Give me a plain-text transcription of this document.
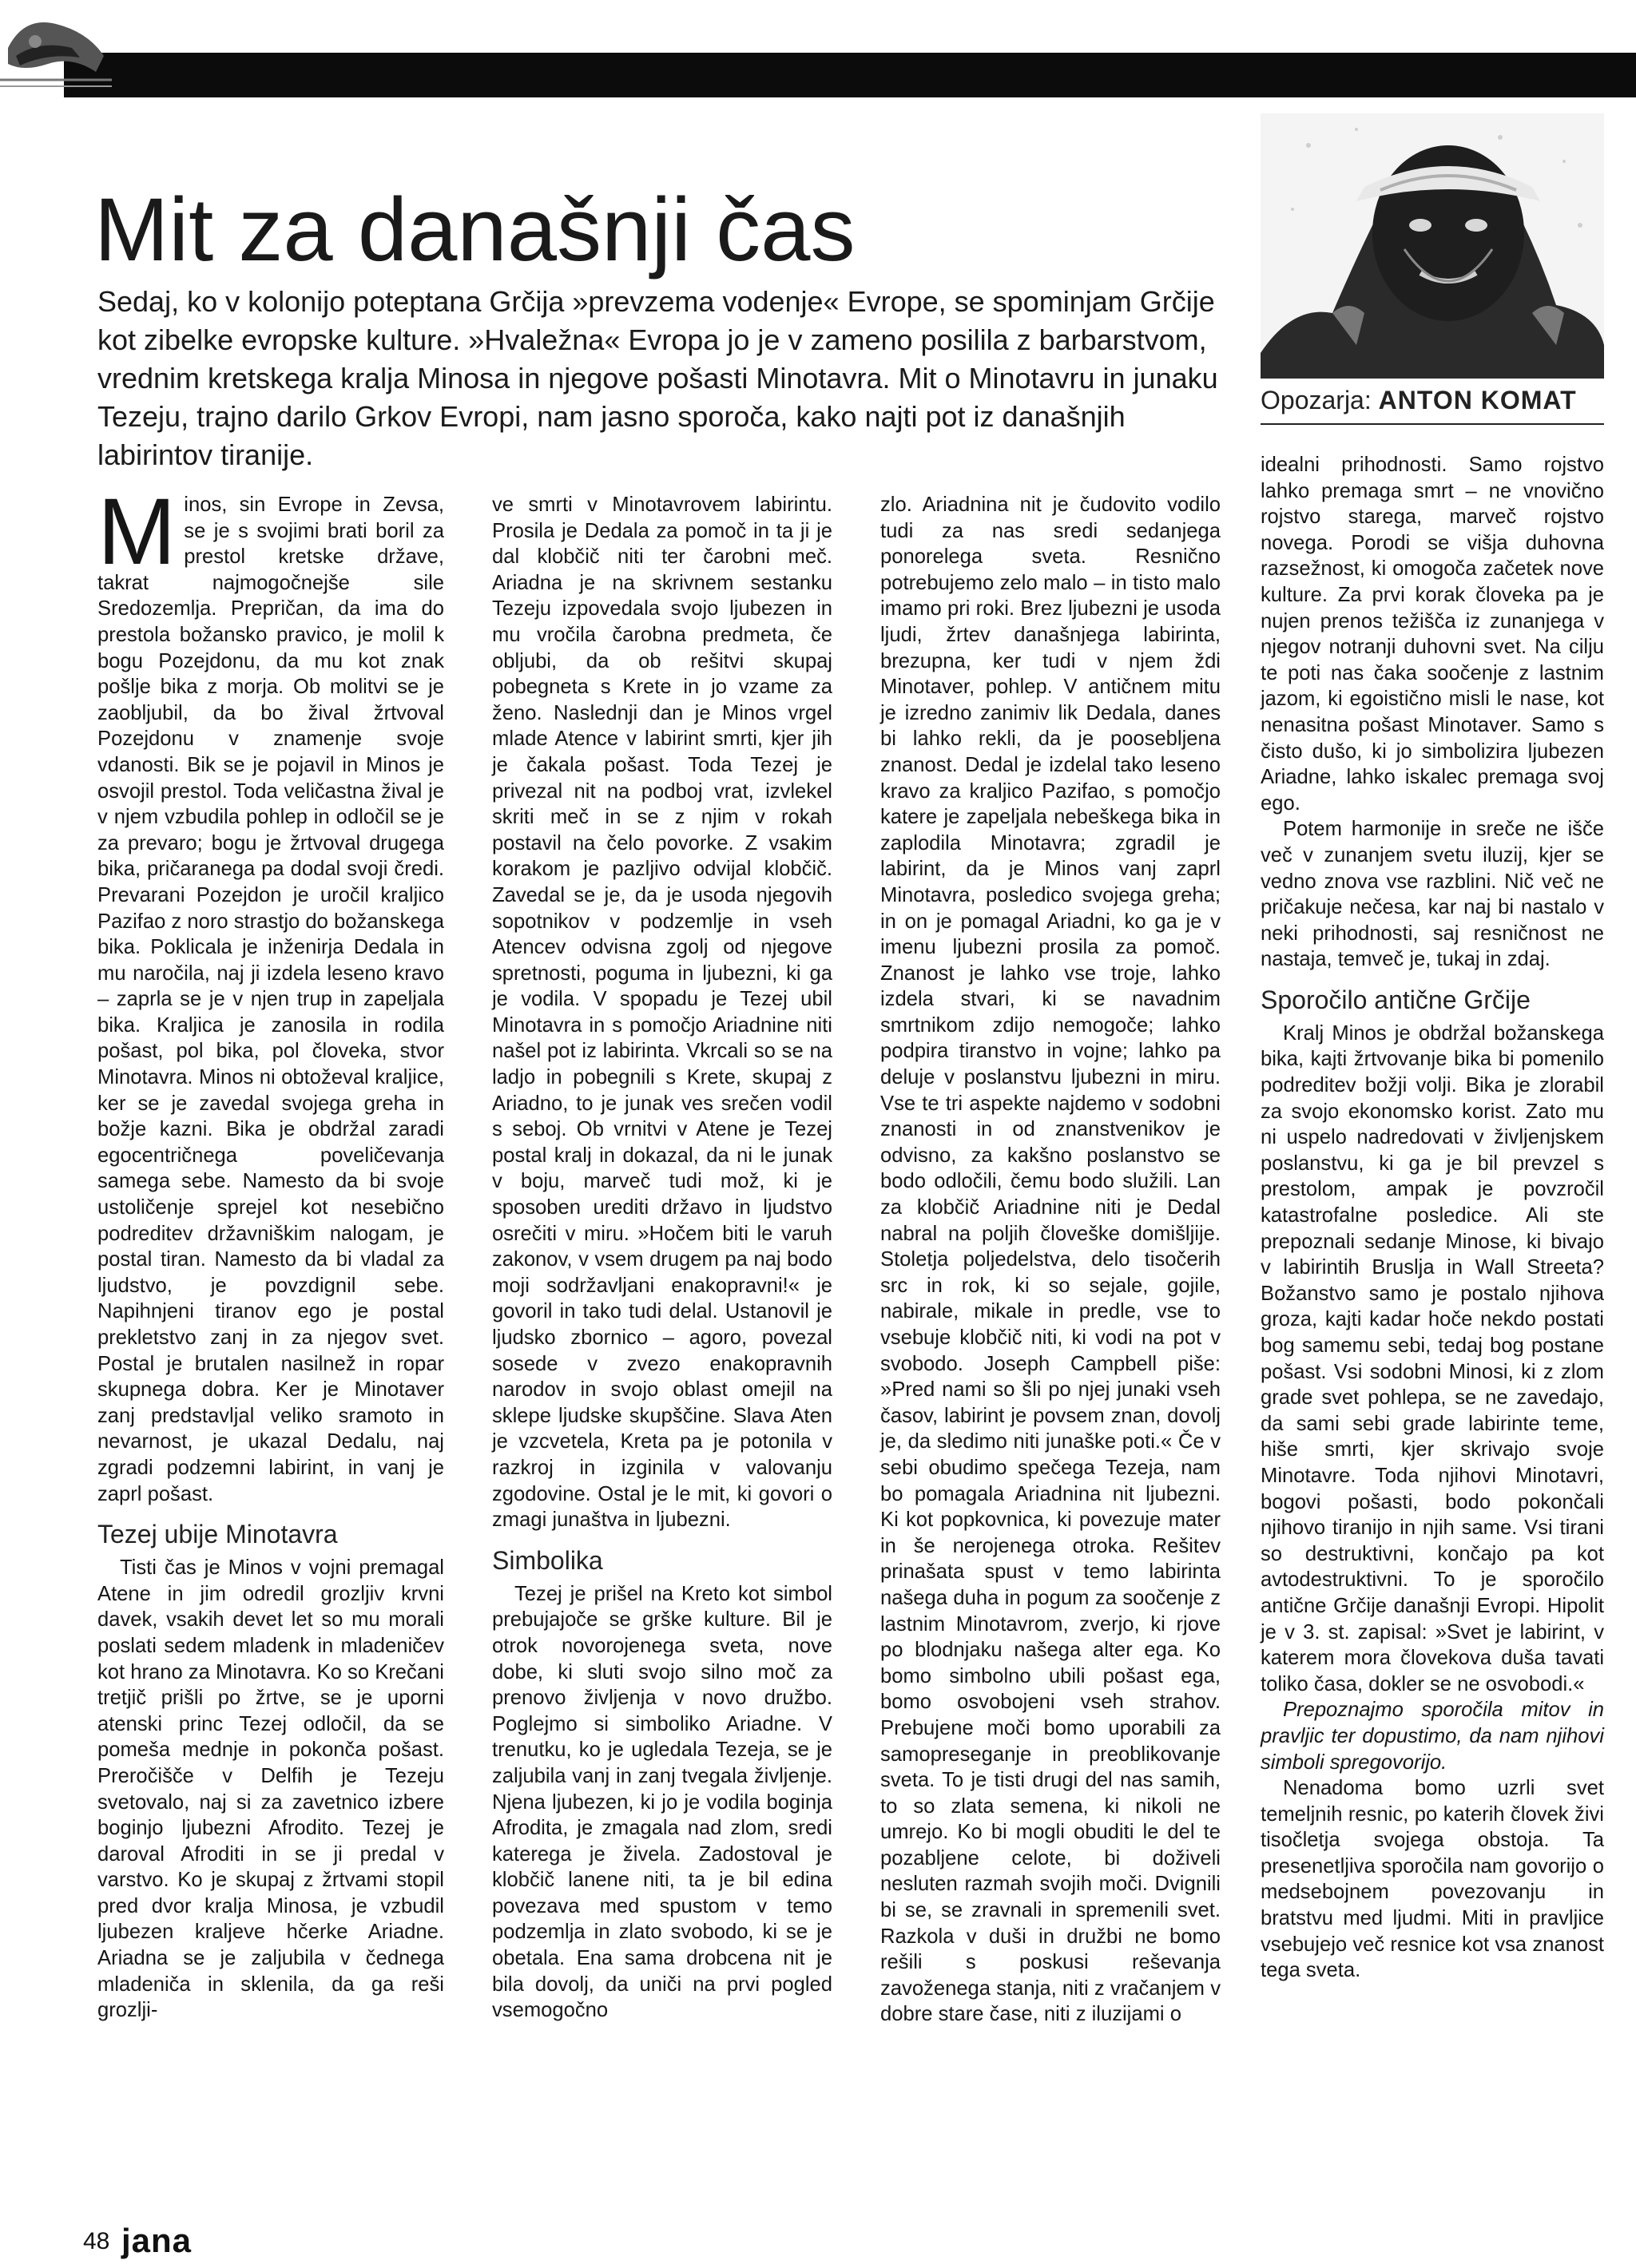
UMETNOST PREŽIVETJA
Mit za današnji čas

Sedaj, ko v kolonijo poteptana Grčija »prevzema vodenje« Evrope, se spominjam Grčije kot zibelke evropske kulture. »Hvaležna« Evropa jo je v zameno posilila z barbarstvom, vrednim kretskega kralja Minosa in njegove pošasti Minotavra. Mit o Minotavru in junaku Tezeju, trajno darilo Grkov Evropi, nam jasno sporoča, kako najti pot iz današnjih labirintov tiranije.

Opozarja: ANTON KOMAT

Minos, sin Evrope in Zevsa, se je s svojimi brati boril za prestol kretske države, takrat najmogočnejše sile Sredozemlja. Prepričan, da ima do prestola božansko pravico, je molil k bogu Pozejdonu, da mu kot znak pošlje bika z morja. Ob molitvi se je zaobljubil, da bo žival žrtvoval Pozejdonu v znamenje svoje vdanosti. Bik se je pojavil in Minos je osvojil prestol. Toda veličastna žival je v njem vzbudila pohlep in odločil se je za prevaro; bogu je žrtvoval drugega bika, pričaranega pa dodal svoji čredi. Prevarani Pozejdon je uročil kraljico Pazifao z noro strastjo do božanskega bika. Poklicala je inženirja Dedala in mu naročila, naj ji izdela leseno kravo – zaprla se je v njen trup in zapeljala bika. Kraljica je zanosila in rodila pošast, pol bika, pol človeka, stvor Minotavra. Minos ni obtoževal kraljice, ker se je zavedal svojega greha in božje kazni. Bika je obdržal zaradi egocentričnega poveličevanja samega sebe. Namesto da bi svoje ustoličenje sprejel kot nesebično podreditev državniškim nalogam, je postal tiran. Namesto da bi vladal za ljudstvo, je povzdignil sebe. Napihnjeni tiranov ego je postal prekletstvo zanj in za njegov svet. Postal je brutalen nasilnež in ropar skupnega dobra. Ker je Minotaver zanj predstavljal veliko sramoto in nevarnost, je ukazal Dedalu, naj zgradi podzemni labirint, in vanj je zaprl pošast.

Tezej ubije Minotavra

Tisti čas je Minos v vojni premagal Atene in jim odredil grozljiv krvni davek, vsakih devet let so mu morali poslati sedem mladenk in mladeničev kot hrano za Minotavra. Ko so Krečani tretjič prišli po žrtve, se je uporni atenski princ Tezej odločil, da se pomeša mednje in pokonča pošast. Preročišče v Delfih je Tezeju svetovalo, naj si za zavetnico izbere boginjo ljubezni Afrodito. Tezej je daroval Afroditi in se ji predal v varstvo. Ko je skupaj z žrtvami stopil pred dvor kralja Minosa, je vzbudil ljubezen kraljeve hčerke Ariadne. Ariadna se je zaljubila v čednega mladeniča in sklenila, da ga reši grozlji-

ve smrti v Minotavrovem labirintu. Prosila je Dedala za pomoč in ta ji je dal klobčič niti ter čarobni meč. Ariadna je na skrivnem sestanku Tezeju izpovedala svojo ljubezen in mu vročila čarobna predmeta, če obljubi, da ob rešitvi skupaj pobegneta s Krete in jo vzame za ženo. Naslednji dan je Minos vrgel mlade Atence v labirint smrti, kjer jih je čakala pošast. Toda Tezej je privezal nit na podboj vrat, izvlekel skriti meč in se z njim v rokah postavil na čelo povorke. Z vsakim korakom je pazljivo odvijal klobčič. Zavedal se je, da je usoda njegovih sopotnikov v podzemlje in vseh Atencev odvisna zgolj od njegove spretnosti, poguma in ljubezni, ki ga je vodila. V spopadu je Tezej ubil Minotavra in s pomočjo Ariadnine niti našel pot iz labirinta. Vkrcali so se na ladjo in pobegnili s Krete, skupaj z Ariadno, to je junak ves srečen vodil s seboj. Ob vrnitvi v Atene je Tezej postal kralj in dokazal, da ni le junak v boju, marveč tudi mož, ki je sposoben urediti državo in ljudstvo osrečiti v miru. »Hočem biti le varuh zakonov, v vsem drugem pa naj bodo moji sodržavljani enakopravni!« je govoril in tako tudi delal. Ustanovil je ljudsko zbornico – agoro, povezal sosede v zvezo enakopravnih narodov in svojo oblast omejil na sklepe ljudske skupščine. Slava Aten je vzcvetela, Kreta pa je potonila v razkroj in izginila v valovanju zgodovine. Ostal je le mit, ki govori o zmagi junaštva in ljubezni.

Simbolika

Tezej je prišel na Kreto kot simbol prebujajoče se grške kulture. Bil je otrok novorojenega sveta, nove dobe, ki sluti svojo silno moč za prenovo življenja v novo družbo. Poglejmo si simboliko Ariadne. V trenutku, ko je ugledala Tezeja, se je zaljubila vanj in zanj tvegala življenje. Njena ljubezen, ki jo je vodila boginja Afrodita, je zmagala nad zlom, sredi katerega je živela. Zadostoval je klobčič lanene niti, ta je bil edina povezava med spustom v temo podzemlja in zlato svobodo, ki se je obetala. Ena sama drobcena nit je bila dovolj, da uniči na prvi pogled vsemogočno

zlo. Ariadnina nit je čudovito vodilo tudi za nas sredi sedanjega ponorelega sveta. Resnično potrebujemo zelo malo – in tisto malo imamo pri roki. Brez ljubezni je usoda ljudi, žrtev današnjega labirinta, brezupna, ker tudi v njem ždi Minotaver, pohlep. V antičnem mitu je izredno zanimiv lik Dedala, danes bi lahko rekli, da je poosebljena znanost. Dedal je izdelal tako leseno kravo za kraljico Pazifao, s pomočjo katere je zapeljala nebeškega bika in zaplodila Minotavra; zgradil je labirint, da je Minos vanj zaprl Minotavra, posledico svojega greha; in on je pomagal Ariadni, ko ga je v imenu ljubezni prosila za pomoč. Znanost je lahko vse troje, lahko izdela stvari, ki se navadnim smrtnikom zdijo nemogoče; lahko podpira tiranstvo in vojne; lahko pa deluje v poslanstvu ljubezni in miru. Vse te tri aspekte najdemo v sodobni znanosti in od znanstvenikov je odvisno, za kakšno poslanstvo se bodo odločili, čemu bodo služili. Lan za klobčič Ariadnine niti je Dedal nabral na poljih človeške domišljije. Stoletja poljedelstva, delo tisočerih src in rok, ki so sejale, gojile, nabirale, mikale in predle, vse to vsebuje klobčič niti, ki vodi na pot v svobodo. Joseph Campbell piše: »Pred nami so šli po njej junaki vseh časov, labirint je povsem znan, dovolj je, da sledimo niti junaške poti.« Če v sebi obudimo spečega Tezeja, nam bo pomagala Ariadnina nit ljubezni. Ki kot popkovnica, ki povezuje mater in še nerojenega otroka. Rešitev prinašata spust v temo labirinta našega duha in pogum za soočenje z lastnim Minotavrom, zverjo, ki rjove po blodnjaku našega alter ega. Ko bomo simbolno ubili pošast ega, bomo osvobojeni vseh strahov. Prebujene moči bomo uporabili za samopreseganje in preoblikovanje sveta. To je tisti drugi del nas samih, to so zlata semena, ki nikoli ne umrejo. Ko bi mogli obuditi le del te pozabljene celote, bi doživeli nesluten razmah svojih moči. Dvignili bi se, se zravnali in spremenili svet. Razkola v duši in družbi ne bomo rešili s poskusi reševanja zavoženega stanja, niti z vračanjem v dobre stare čase, niti z iluzijami o

idealni prihodnosti. Samo rojstvo lahko premaga smrt – ne vnovično rojstvo starega, marveč rojstvo novega. Porodi se višja duhovna razsežnost, ki omogoča začetek nove kulture. Za prvi korak človeka pa je nujen prenos težišča iz zunanjega v njegov notranji duhovni svet. Na cilju te poti nas čaka soočenje z lastnim jazom, ki egoistično misli le nase, kot nenasitna pošast Minotaver. Samo s čisto dušo, ki jo simbolizira ljubezen Ariadne, lahko iskalec premaga svoj ego.

Potem harmonije in sreče ne išče več v zunanjem svetu iluzij, kjer se vedno znova vse razblini. Nič več ne pričakuje nečesa, kar naj bi nastalo v neki prihodnosti, saj resničnost ne nastaja, temveč je, tukaj in zdaj.

Sporočilo antične Grčije

Kralj Minos je obdržal božanskega bika, kajti žrtvovanje bika bi pomenilo podreditev božji volji. Bika je zlorabil za svojo ekonomsko korist. Zato mu ni uspelo nadredovati v življenjskem poslanstvu, ki ga je bil prevzel s prestolom, ampak je povzročil katastrofalne posledice. Ali ste prepoznali sedanje Minose, ki bivajo v labirintih Bruslja in Wall Streeta? Božanstvo samo je postalo njihova groza, kajti kadar hoče nekdo postati bog samemu sebi, tedaj bog postane pošast. Vsi sodobni Minosi, ki z zlom grade svet pohlepa, se ne zavedajo, da sami sebi grade labirinte teme, hiše smrti, kjer skrivajo svoje Minotavre. Toda njihovi Minotavri, bogovi pošasti, bodo pokončali njihovo tiranijo in njih same. Vsi tirani so destruktivni, končajo pa kot avtodestruktivni. To je sporočilo antične Grčije današnji Evropi. Hipolit je v 3. st. zapisal: »Svet je labirint, v katerem mora človekova duša tavati toliko časa, dokler se ne osvobodi.«

Prepoznajmo sporočila mitov in pravljic ter dopustimo, da nam njihovi simboli spregovorijo.

Nenadoma bomo uzrli svet temeljnih resnic, po katerih človek živi tisočletja svojega obstoja. Ta presenetljiva sporočila nam govorijo o medsebojnem povezovanju in bratstvu med ljudmi. Miti in pravljice vsebujejo več resnice kot vsa znanost tega sveta.

48 jana
